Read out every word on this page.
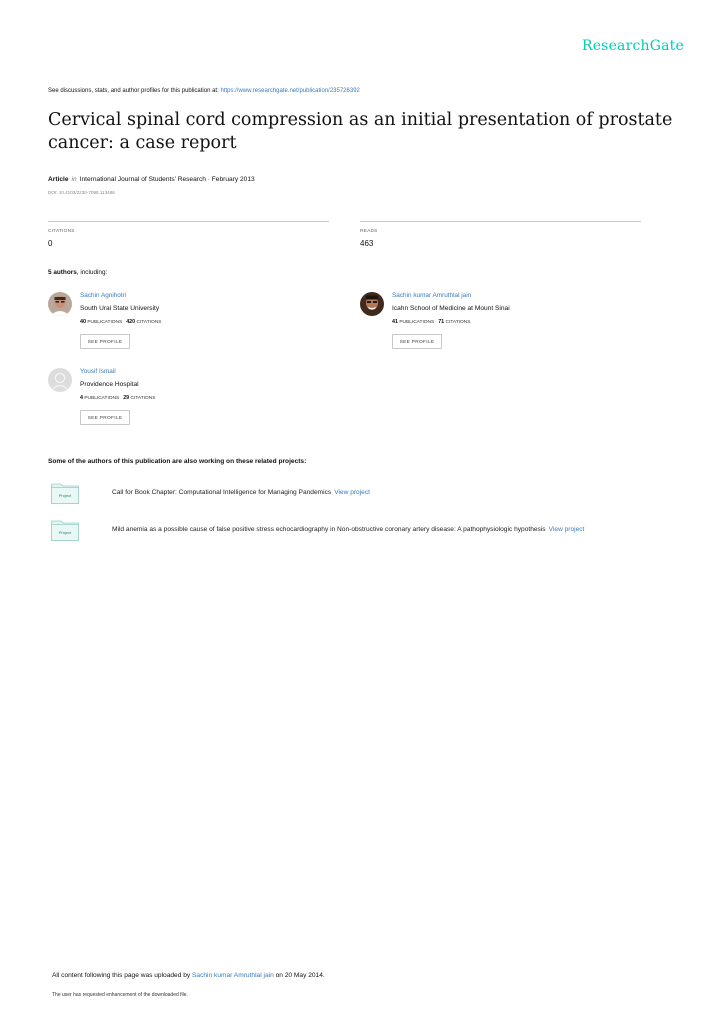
ResearchGate
See discussions, stats, and author profiles for this publication at: https://www.researchgate.net/publication/235726392
Cervical spinal cord compression as an initial presentation of prostate cancer: a case report
Article in International Journal of Students' Research · February 2013
DOI: 10.4103/2230-7095.113486
CITATIONS
0
READS
463
5 authors, including:
Sachin Agnihotri
South Ural State University
40 PUBLICATIONS 420 CITATIONS
SEE PROFILE
Sachin kumar Amruthlal jain
Icahn School of Medicine at Mount Sinai
41 PUBLICATIONS 71 CITATIONS
SEE PROFILE
Yousif Ismail
Providence Hospital
4 PUBLICATIONS 29 CITATIONS
SEE PROFILE
Some of the authors of this publication are also working on these related projects:
Project	Call for Book Chapter: Computational Intelligence for Managing Pandemics View project
Project	Mild anemia as a possible cause of false positive stress echocardiography in Non-obstructive coronary artery disease: A pathophysiologic hypothesis View project
All content following this page was uploaded by Sachin kumar Amruthlal jain on 20 May 2014.
The user has requested enhancement of the downloaded file.
